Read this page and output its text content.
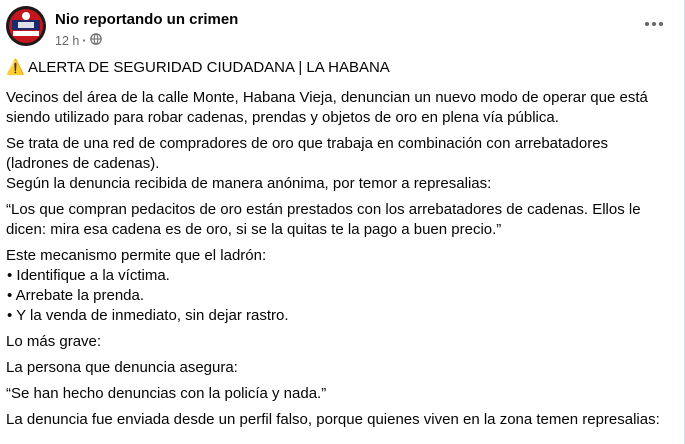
Nio reportando un crimen
12 h ·

⚠️ ALERTA DE SEGURIDAD CIUDADANA | LA HABANA

Vecinos del área de la calle Monte, Habana Vieja, denuncian un nuevo modo de operar que está siendo utilizado para robar cadenas, prendas y objetos de oro en plena vía pública.

Se trata de una red de compradores de oro que trabaja en combinación con arrebatadores (ladrones de cadenas).

Según la denuncia recibida de manera anónima, por temor a represalias:

“Los que compran pedacitos de oro están prestados con los arrebatadores de cadenas. Ellos le dicen: mira esa cadena es de oro, si se la quitas te la pago a buen precio.”

Este mecanismo permite que el ladrón:

• Identifique a la víctima.

• Arrebate la prenda.

• Y la venda de inmediato, sin dejar rastro.

Lo más grave:

La persona que denuncia asegura:

“Se han hecho denuncias con la policía y nada.”

La denuncia fue enviada desde un perfil falso, porque quienes viven en la zona temen represalias:
